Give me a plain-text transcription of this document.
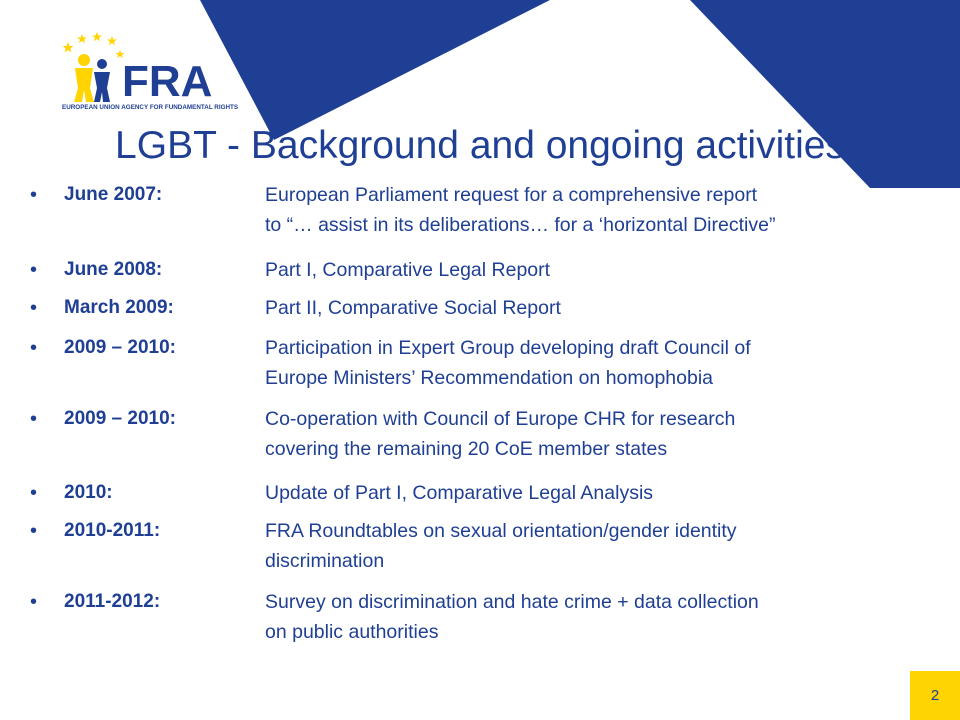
FRA
EUROPEAN UNION AGENCY FOR FUNDAMENTAL RIGHTS
LGBT - Background and ongoing activities
• June 2007:	European Parliament request for a comprehensive report
to “… assist in its deliberations… for a ‘horizontal Directive”
• June 2008:	Part I, Comparative Legal Report
• March 2009:	Part II, Comparative Social Report
• 2009 – 2010:	Participation in Expert Group developing draft Council of
Europe Ministers’ Recommendation on homophobia
• 2009 – 2010:	Co-operation with Council of Europe CHR for research
covering the remaining 20 CoE member states
• 2010:	Update of Part I, Comparative Legal Analysis
• 2010-2011:	FRA Roundtables on sexual orientation/gender identity
discrimination
• 2011-2012:	Survey on discrimination and hate crime + data collection
on public authorities
2
